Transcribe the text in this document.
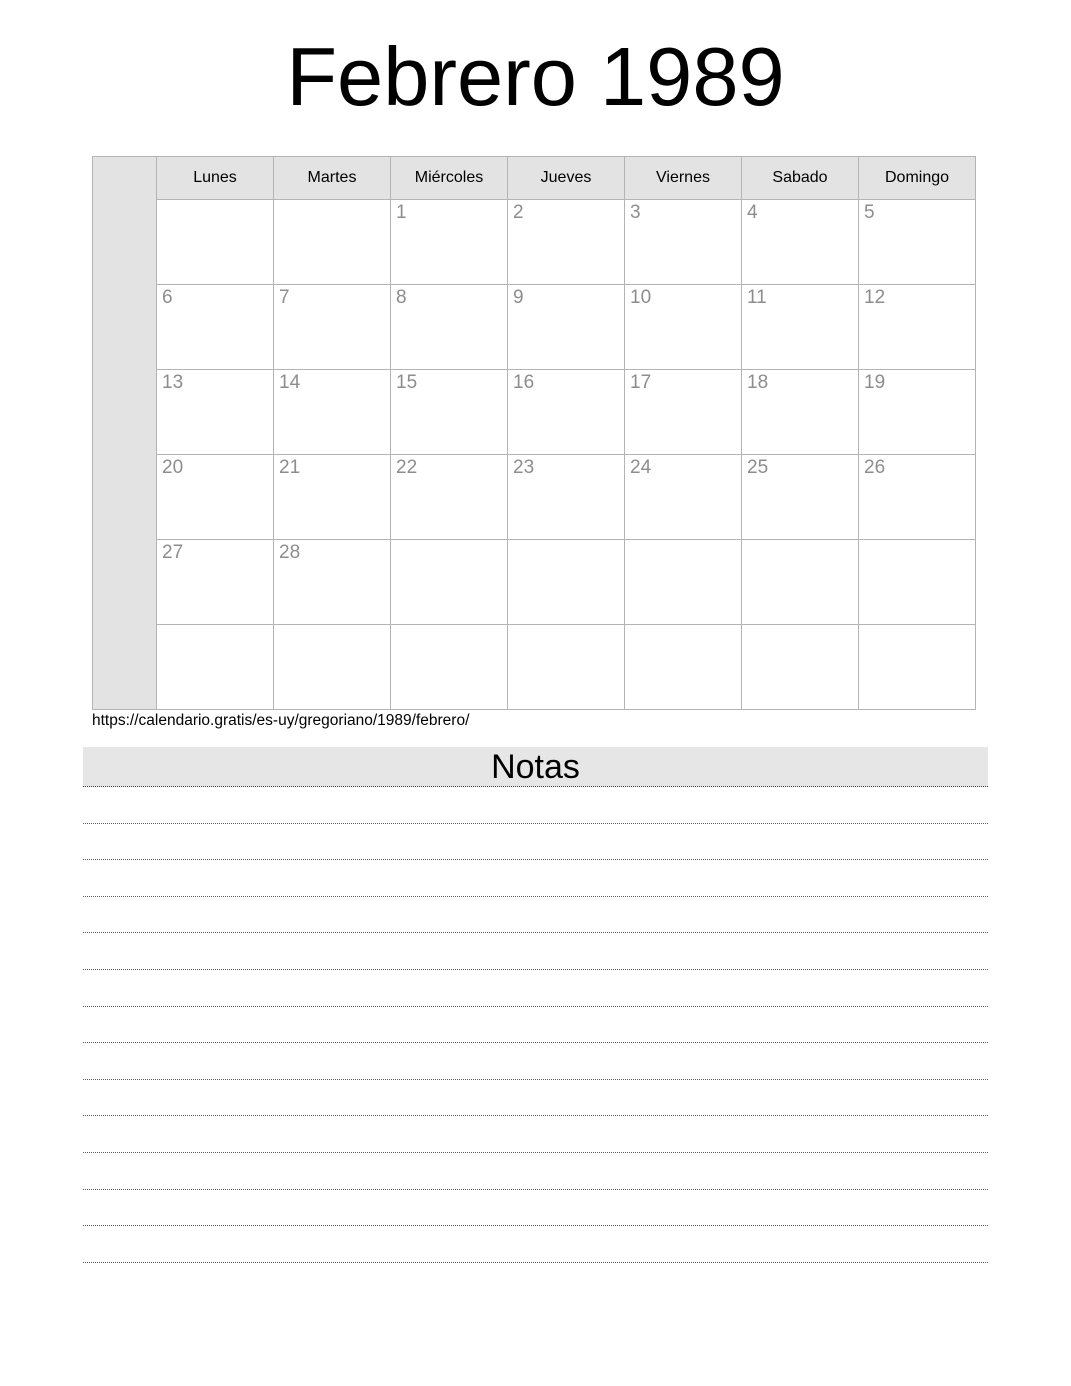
Febrero 1989
	Lunes	Martes	Miércoles	Jueves	Viernes	Sabado	Domingo

			1	2	3	4	5

	6	7	8	9	10	11	12

	13	14	15	16	17	18	19

	20	21	22	23	24	25	26

	27	28					

https://calendario.gratis/es-uy/gregoriano/1989/febrero/
Notas
